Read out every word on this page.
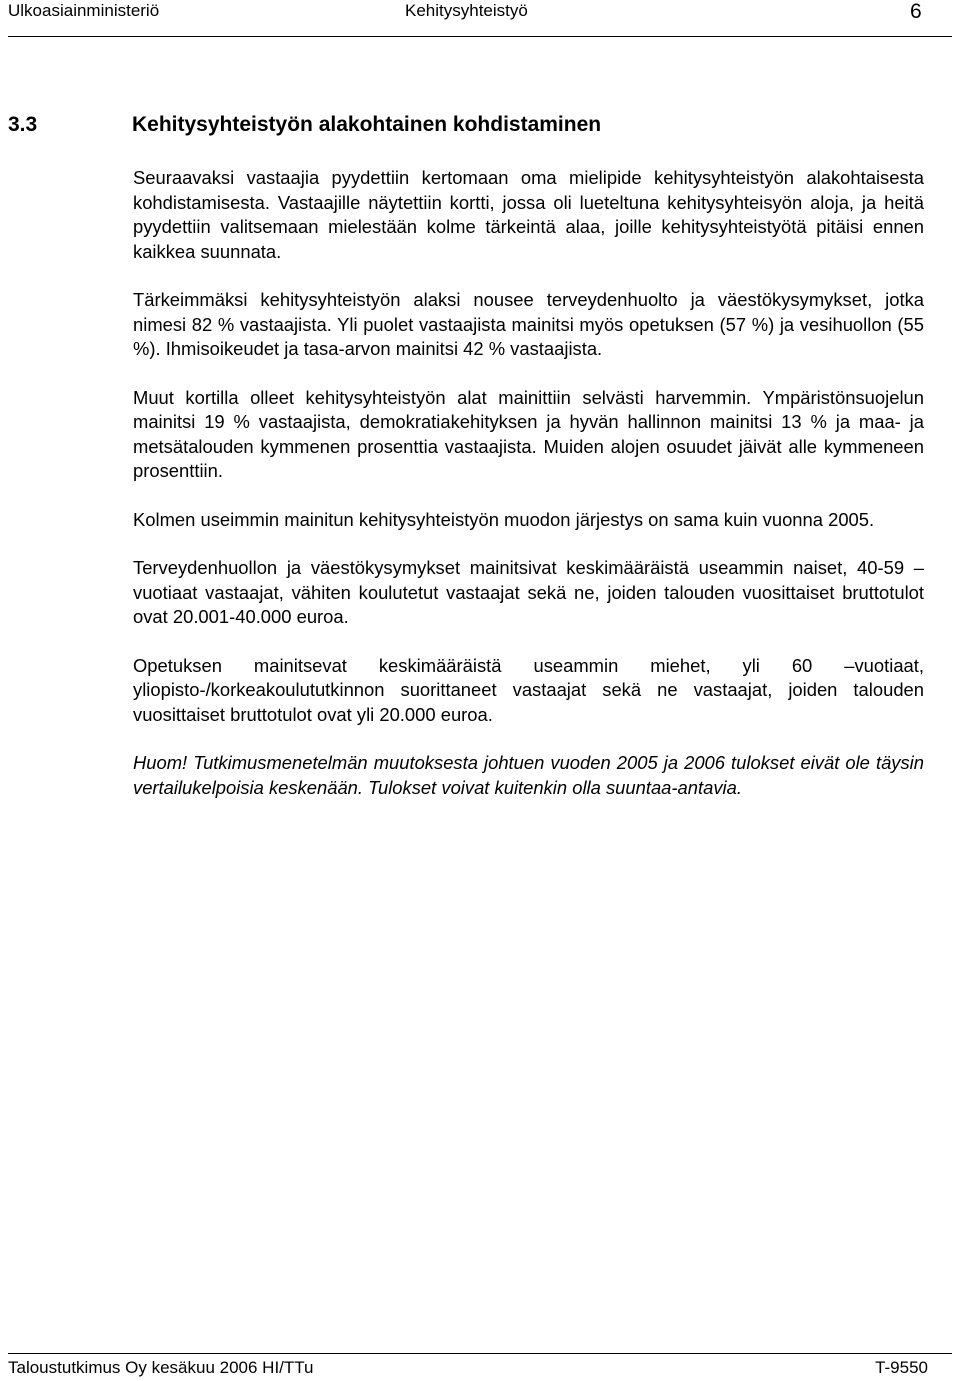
Ulkoasiainministeriö	Kehitysyhteistyö	6
3.3	Kehitysyhteistyön alakohtainen kohdistaminen

Seuraavaksi vastaajia pyydettiin kertomaan oma mielipide kehitysyhteistyön alakohtaisesta kohdistamisesta. Vastaajille näytettiin kortti, jossa oli lueteltuna kehitysyhteisyön aloja, ja heitä pyydettiin valitsemaan mielestään kolme tärkeintä alaa, joille kehitysyhteistyötä pitäisi ennen kaikkea suunnata.

Tärkeimmäksi kehitysyhteistyön alaksi nousee terveydenhuolto ja väestökysymykset, jotka nimesi 82 % vastaajista. Yli puolet vastaajista mainitsi myös opetuksen (57 %) ja vesihuollon (55 %). Ihmisoikeudet ja tasa-arvon mainitsi 42 % vastaajista.

Muut kortilla olleet kehitysyhteistyön alat mainittiin selvästi harvemmin. Ympäristönsuojelun mainitsi 19 % vastaajista, demokratiakehityksen ja hyvän hallinnon mainitsi 13 % ja maa- ja metsätalouden kymmenen prosenttia vastaajista. Muiden alojen osuudet jäivät alle kymmeneen prosenttiin.

Kolmen useimmin mainitun kehitysyhteistyön muodon järjestys on sama kuin vuonna 2005.

Terveydenhuollon ja väestökysymykset mainitsivat keskimääräistä useammin naiset, 40-59 –vuotiaat vastaajat, vähiten koulutetut vastaajat sekä ne, joiden talouden vuosittaiset bruttotulot ovat 20.001-40.000 euroa.

Opetuksen mainitsevat keskimääräistä useammin miehet, yli 60 –vuotiaat, yliopisto-/korkeakoulututkinnon suorittaneet vastaajat sekä ne vastaajat, joiden talouden vuosittaiset bruttotulot ovat yli 20.000 euroa.

Huom! Tutkimusmenetelmän muutoksesta johtuen vuoden 2005 ja 2006 tulokset eivät ole täysin vertailukelpoisia keskenään. Tulokset voivat kuitenkin olla suuntaa-antavia.

Taloustutkimus Oy kesäkuu 2006 HI/TTu	T-9550
